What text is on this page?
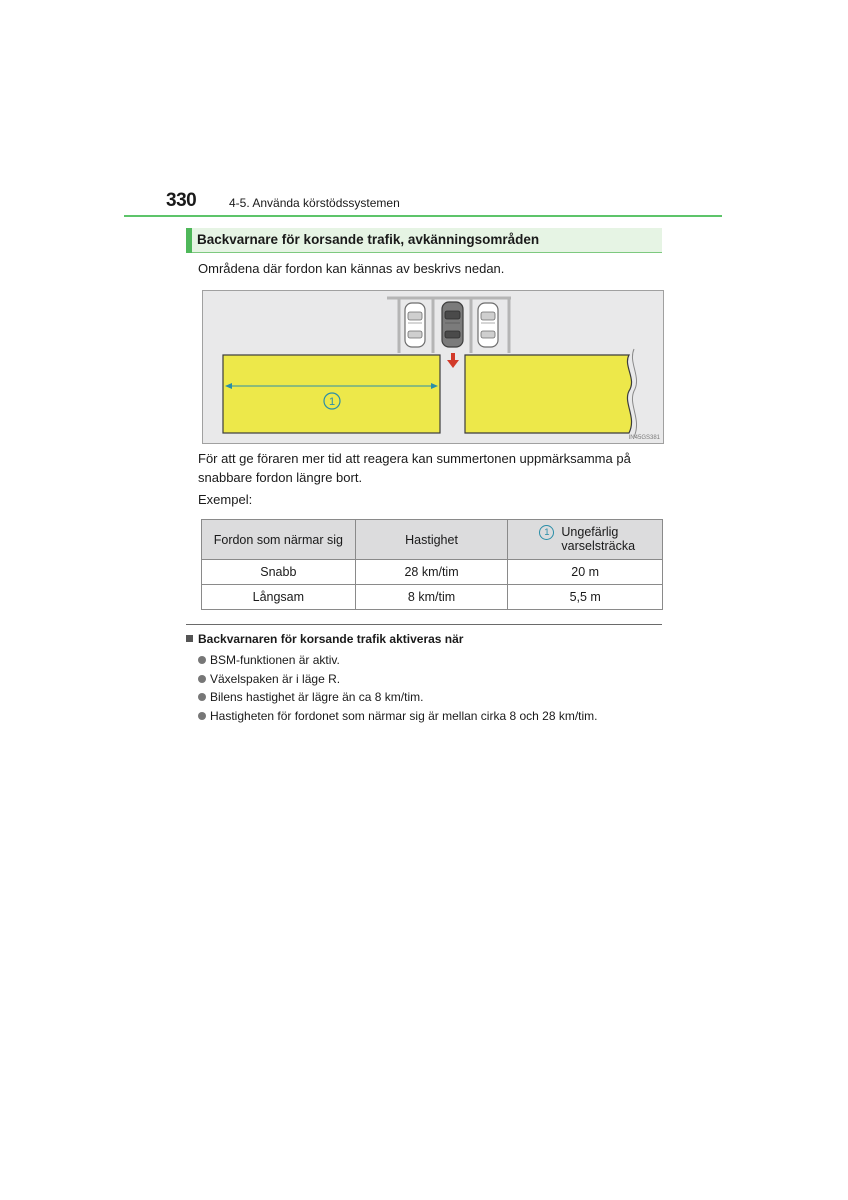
330	4-5. Använda körstödssystemen
Backvarnare för korsande trafik, avkänningsområden
Områdena där fordon kan kännas av beskrivs nedan.
1
IN45GS381
För att ge föraren mer tid att reagera kan summertonen uppmärksamma på
snabbare fordon längre bort.
Exempel:
Fordon som närmar sig	Hastighet	1 Ungefärlig
varselsträcka

Snabb	28 km/tim	20 m
Långsam	8 km/tim	5,5 m
Backvarnaren för korsande trafik aktiveras när
BSM-funktionen är aktiv.
Växelspaken är i läge R.
Bilens hastighet är lägre än ca 8 km/tim.
Hastigheten för fordonet som närmar sig är mellan cirka 8 och 28 km/tim.
